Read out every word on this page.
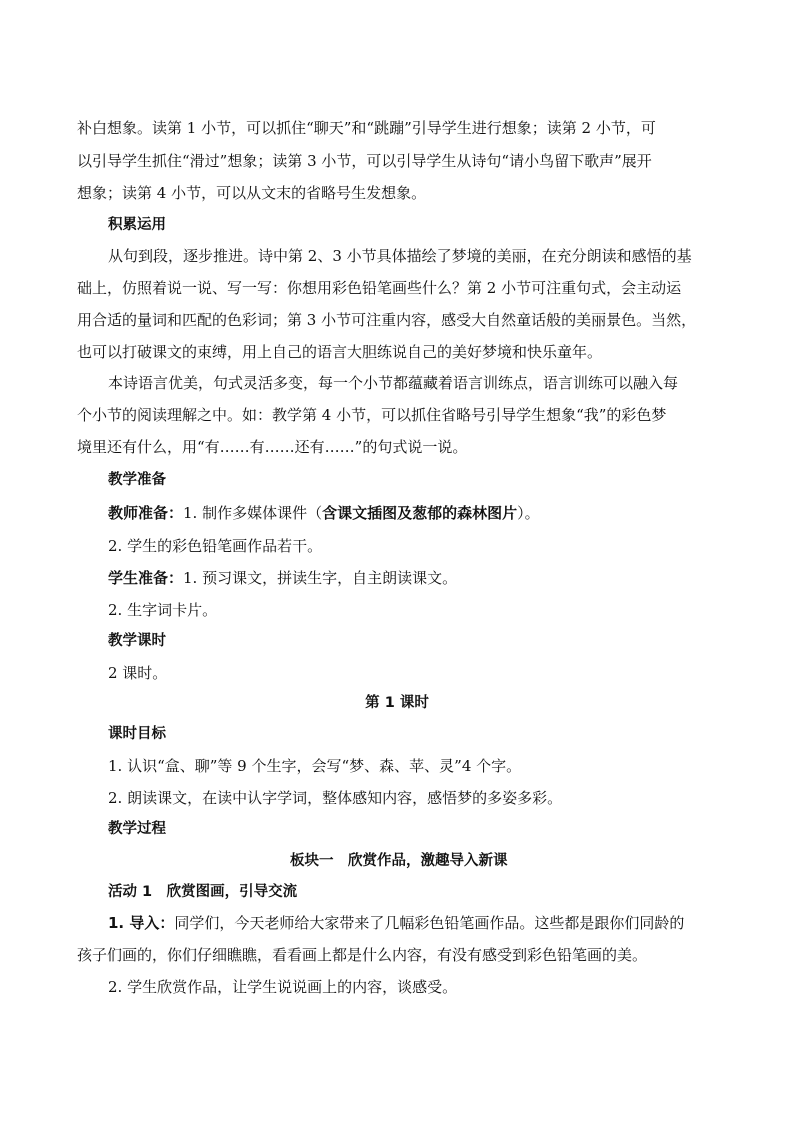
补白想象。读第 1 小节，可以抓住“聊天”和“跳蹦”引导学生进行想象；读第 2 小节，可
以引导学生抓住“滑过”想象；读第 3 小节，可以引导学生从诗句“请小鸟留下歌声”展开
想象；读第 4 小节，可以从文末的省略号生发想象。
积累运用
从句到段，逐步推进。诗中第 2、3 小节具体描绘了梦境的美丽，在充分朗读和感悟的基
础上，仿照着说一说、写一写：你想用彩色铅笔画些什么？第 2 小节可注重句式，会主动运
用合适的量词和匹配的色彩词；第 3 小节可注重内容，感受大自然童话般的美丽景色。当然，
也可以打破课文的束缚，用上自己的语言大胆练说自己的美好梦境和快乐童年。
本诗语言优美，句式灵活多变，每一个小节都蕴藏着语言训练点，语言训练可以融入每
个小节的阅读理解之中。如：教学第 4 小节，可以抓住省略号引导学生想象“我”的彩色梦
境里还有什么，用“有……有……还有……”的句式说一说。
教学准备
教师准备：1. 制作多媒体课件（含课文插图及葱郁的森林图片）。
2. 学生的彩色铅笔画作品若干。
学生准备：1. 预习课文，拼读生字，自主朗读课文。
2. 生字词卡片。
教学课时
2 课时。
第 1 课时
课时目标
1. 认识“盒、聊”等 9 个生字，会写“梦、森、苹、灵”4 个字。
2. 朗读课文，在读中认字学词，整体感知内容，感悟梦的多姿多彩。
教学过程
板块一　欣赏作品，激趣导入新课
活动 1　欣赏图画，引导交流
1. 导入：同学们，今天老师给大家带来了几幅彩色铅笔画作品。这些都是跟你们同龄的
孩子们画的，你们仔细瞧瞧，看看画上都是什么内容，有没有感受到彩色铅笔画的美。
2. 学生欣赏作品，让学生说说画上的内容，谈感受。
